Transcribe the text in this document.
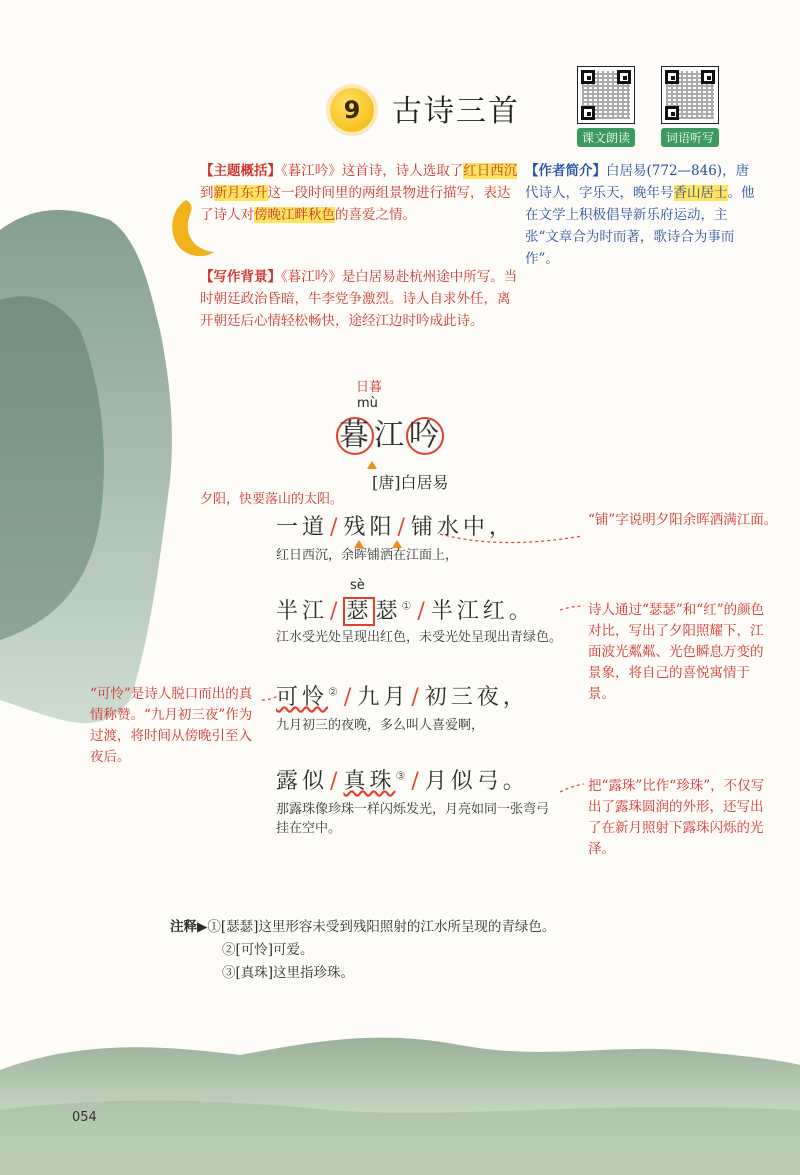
9	古诗三首
课文朗读	词语听写
【主题概括】《暮江吟》这首诗，诗人选取了红日西沉到新月东升这一段时间里的两组景物进行描写，表达了诗人对傍晚江畔秋色的喜爱之情。
【写作背景】《暮江吟》是白居易赴杭州途中所写。当时朝廷政治昏暗，牛李党争激烈。诗人自求外任，离开朝廷后心情轻松畅快，途经江边时吟成此诗。
【作者简介】白居易(772—846)，唐代诗人，字乐天，晚年号香山居士。他在文学上积极倡导新乐府运动，主张“文章合为时而著，歌诗合为事而作”。
日暮
mù
暮 江 吟
[唐]白居易
夕阳，快要落山的太阳。
一道/残阳/铺水中，
红日西沉，余晖铺洒在江面上，
sè
半江/ 瑟 瑟①/半江红。
江水受光处呈现出红色，未受光处呈现出青绿色。
可怜②/九月/初三夜，
九月初三的夜晚，多么叫人喜爱啊，
露似/真珠③/月似弓。
那露珠像珍珠一样闪烁发光，月亮如同一张弯弓挂在空中。
“铺”字说明夕阳余晖洒满江面。
诗人通过“瑟瑟”和“红”的颜色对比，写出了夕阳照耀下，江面波光粼粼、光色瞬息万变的景象，将自己的喜悦寓情于景。
“可怜”是诗人脱口而出的真情称赞。“九月初三夜”作为过渡，将时间从傍晚引至入夜后。
把“露珠”比作“珍珠”，不仅写出了露珠圆润的外形，还写出了在新月照射下露珠闪烁的光泽。
注释▶①[瑟瑟]这里形容未受到残阳照射的江水所呈现的青绿色。
②[可怜]可爱。
③[真珠]这里指珍珠。
054
